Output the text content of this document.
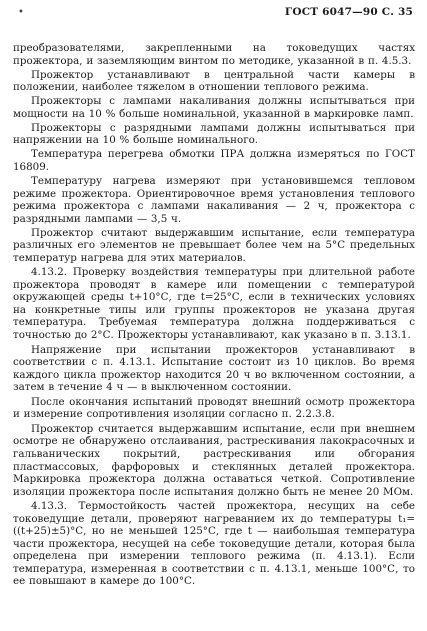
•	ГОСТ 6047—90 С. 35

преобразователями, закрепленными на токоведущих частях прожектора, и заземляющим винтом по методике, указанной в п. 4.5.3.

Прожектор устанавливают в центральной части камеры в положении, наиболее тяжелом в отношении теплового режима.

Прожекторы с лампами накаливания должны испытываться при мощности на 10 % больше номинальной, указанной в маркировке ламп.

Прожекторы с разрядными лампами должны испытываться при напряжении на 10 % больше номинального.

Температура перегрева обмотки ПРА должна измеряться по ГОСТ 16809.

Температуру нагрева измеряют при установившемся тепловом режиме прожектора. Ориентировочное время установления теплового режима прожектора с лампами накаливания — 2 ч, прожектора с разрядными лампами — 3,5 ч.

Прожектор считают выдержавшим испытание, если температура различных его элементов не превышает более чем на 5°С предельных температур нагрева для этих материалов.

4.13.2. Проверку воздействия температуры при длительной работе прожектора проводят в камере или помещении с температурой окружающей среды t+10°С, где t=25°С, если в технических условиях на конкретные типы или группы прожекторов не указана другая температура. Требуемая температура должна поддерживаться с точностью до 2°С. Прожекторы устанавливают, как указано в п. 3.13.1.

Напряжение при испытании прожекторов устанавливают в соответствии с п. 4.13.1. Испытание состоит из 10 циклов. Во время каждого цикла прожектор находится 20 ч во включенном состоянии, а затем в течение 4 ч — в выключенном состоянии.

После окончания испытаний проводят внешний осмотр прожектора и измерение сопротивления изоляции согласно п. 2.2.3.8.

Прожектор считается выдержавшим испытание, если при внешнем осмотре не обнаружено отслаивания, растрескивания лакокрасочных и гальванических покрытий, растрескивания или обгорания пластмассовых, фарфоровых и стеклянных деталей прожектора. Маркировка прожектора должна оставаться четкой. Сопротивление изоляции прожектора после испытания должно быть не менее 20 МОм.

4.13.3. Термостойкость частей прожектора, несущих на себе токоведущие детали, проверяют нагреванием их до температуры t₁=((t+25)±5)°С, но не меньшей 125°С, где t — наибольшая температура части прожектора, несущей на себе токоведущие детали, которая была определена при измерении теплового режима (п. 4.13.1). Если температура, измеренная в соответствии с п. 4.13.1, меньше 100°С, то ее повышают в камере до 100°С.
